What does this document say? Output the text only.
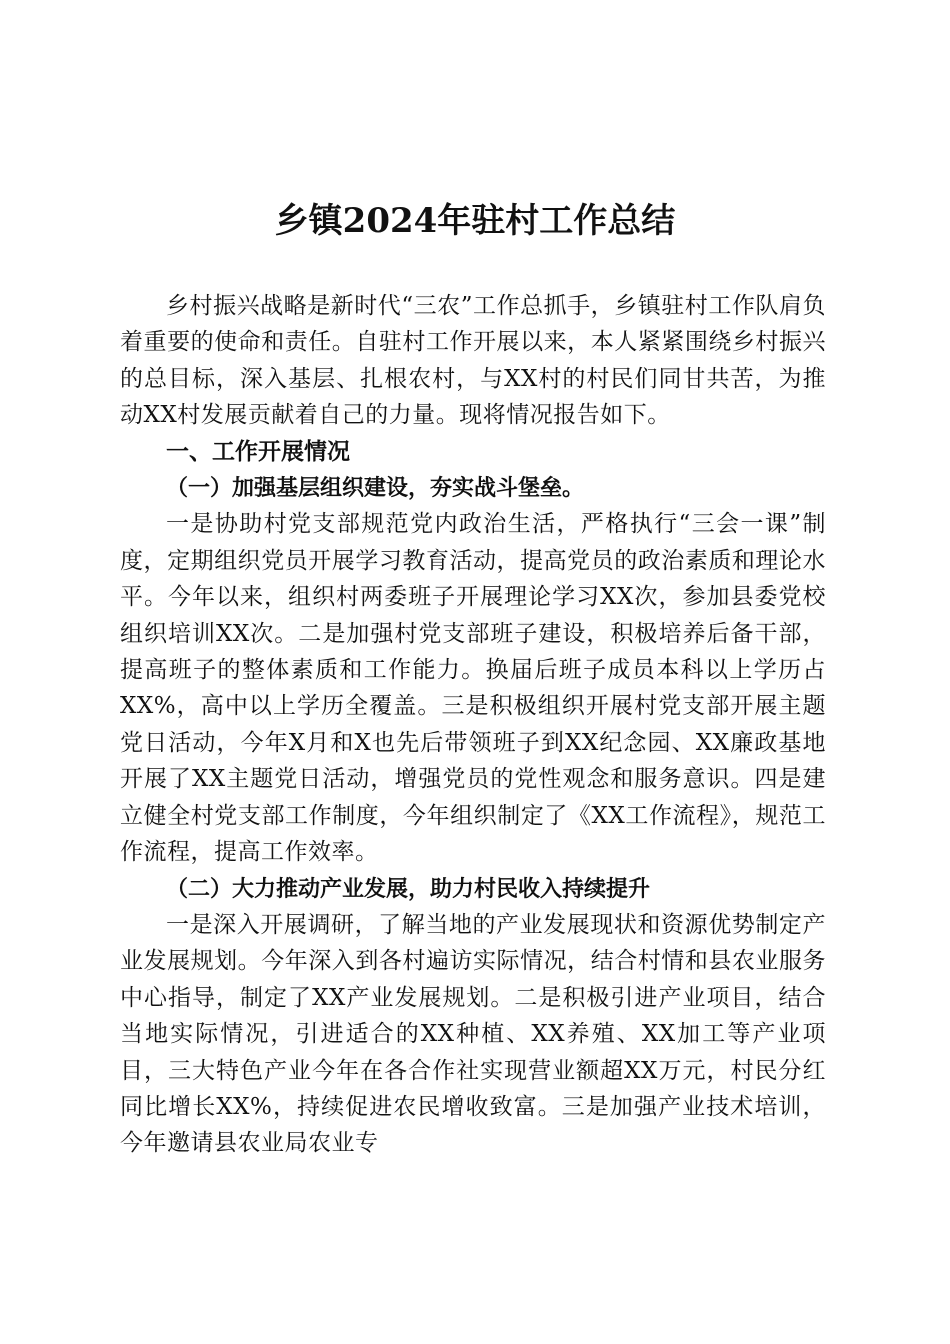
乡镇2024年驻村工作总结

乡村振兴战略是新时代“三农”工作总抓手，乡镇驻村工作队肩负着重要的使命和责任。自驻村工作开展以来，本人紧紧围绕乡村振兴的总目标，深入基层、扎根农村，与XX村的村民们同甘共苦，为推动XX村发展贡献着自己的力量。现将情况报告如下。

一、工作开展情况
（一）加强基层组织建设，夯实战斗堡垒。

一是协助村党支部规范党内政治生活，严格执行“三会一课”制度，定期组织党员开展学习教育活动，提高党员的政治素质和理论水平。今年以来，组织村两委班子开展理论学习XX次，参加县委党校组织培训XX次。二是加强村党支部班子建设，积极培养后备干部，提高班子的整体素质和工作能力。换届后班子成员本科以上学历占XX%，高中以上学历全覆盖。三是积极组织开展村党支部开展主题党日活动，今年X月和X也先后带领班子到XX纪念园、XX廉政基地开展了XX主题党日活动，增强党员的党性观念和服务意识。四是建立健全村党支部工作制度，今年组织制定了《XX工作流程》，规范工作流程，提高工作效率。

（二）大力推动产业发展，助力村民收入持续提升

一是深入开展调研，了解当地的产业发展现状和资源优势制定产业发展规划。今年深入到各村遍访实际情况，结合村情和县农业服务中心指导，制定了XX产业发展规划。二是积极引进产业项目，结合当地实际情况，引进适合的XX种植、XX养殖、XX加工等产业项目，三大特色产业今年在各合作社实现营业额超XX万元，村民分红同比增长XX%，持续促进农民增收致富。三是加强产业技术培训，今年邀请县农业局农业专
